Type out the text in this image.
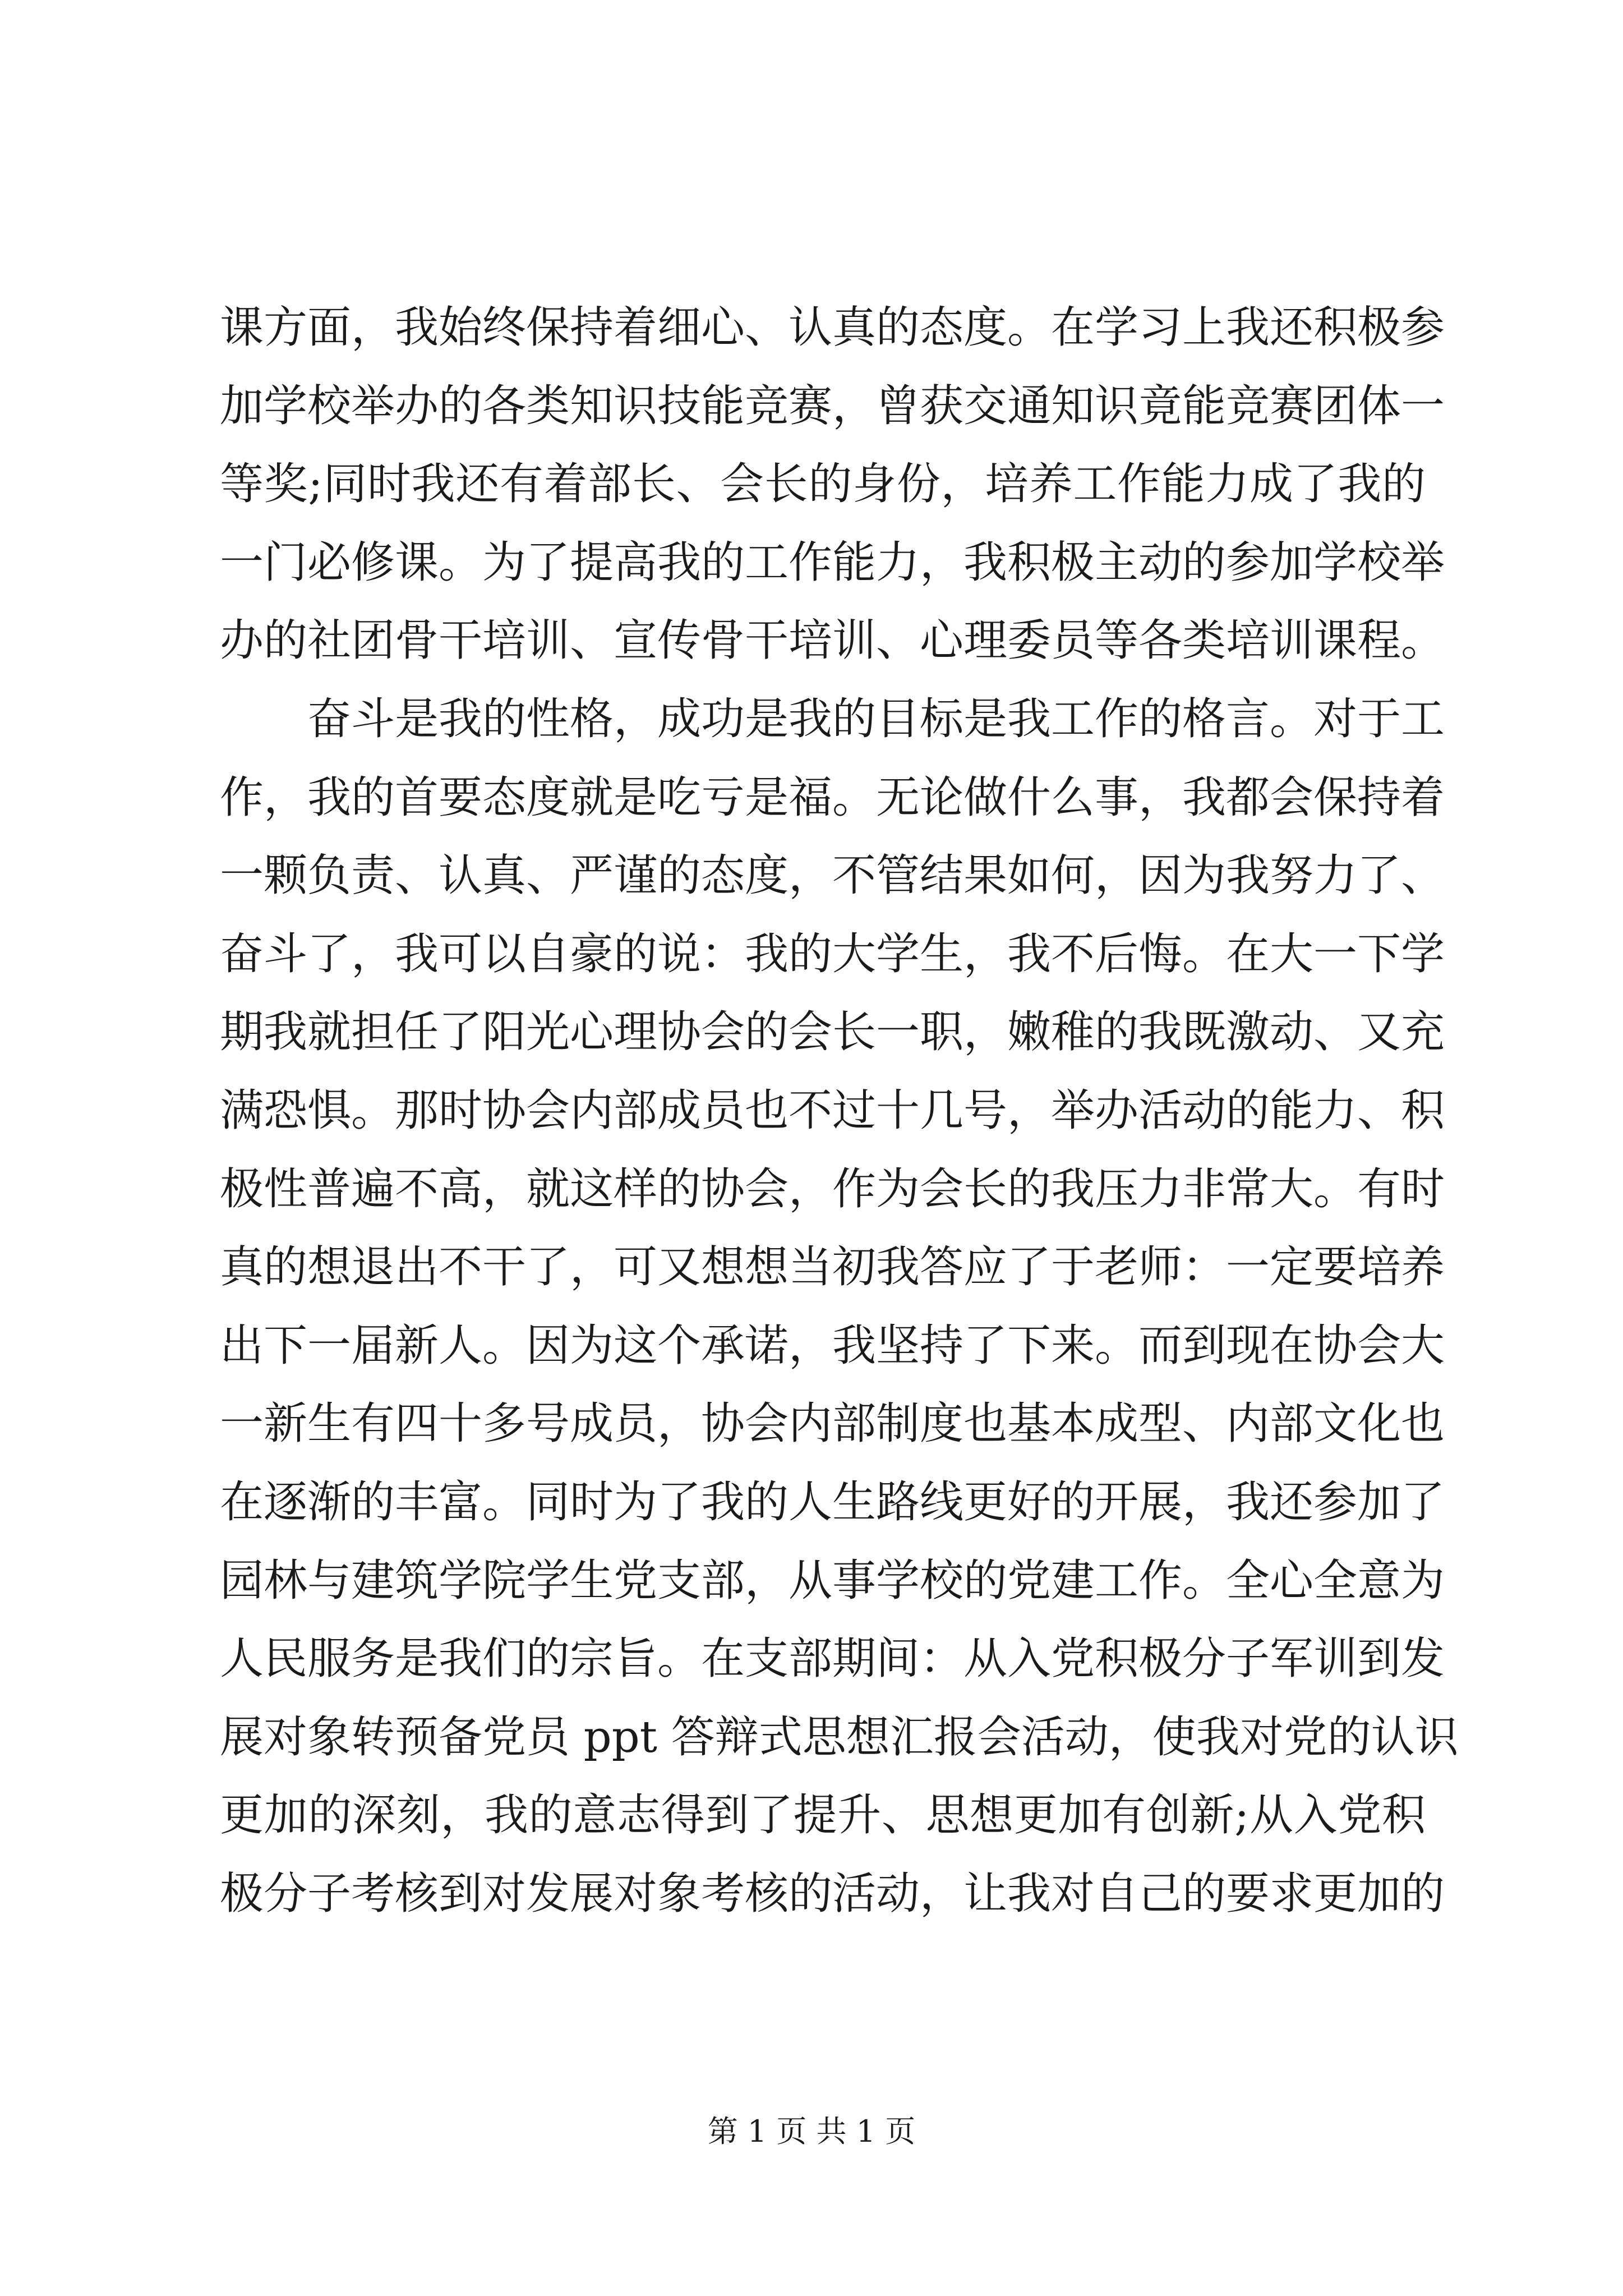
课方面，我始终保持着细心、认真的态度。在学习上我还积极参
加学校举办的各类知识技能竞赛，曾获交通知识竟能竞赛团体一
等奖;同时我还有着部长、会长的身份，培养工作能力成了我的
一门必修课。为了提高我的工作能力，我积极主动的参加学校举
办的社团骨干培训、宣传骨干培训、心理委员等各类培训课程。
奋斗是我的性格，成功是我的目标是我工作的格言。对于工
作，我的首要态度就是吃亏是福。无论做什么事，我都会保持着
一颗负责、认真、严谨的态度，不管结果如何，因为我努力了、
奋斗了，我可以自豪的说：我的大学生，我不后悔。在大一下学
期我就担任了阳光心理协会的会长一职，嫩稚的我既激动、又充
满恐惧。那时协会内部成员也不过十几号，举办活动的能力、积
极性普遍不高，就这样的协会，作为会长的我压力非常大。有时
真的想退出不干了，可又想想当初我答应了于老师：一定要培养
出下一届新人。因为这个承诺，我坚持了下来。而到现在协会大
一新生有四十多号成员，协会内部制度也基本成型、内部文化也
在逐渐的丰富。同时为了我的人生路线更好的开展，我还参加了
园林与建筑学院学生党支部，从事学校的党建工作。全心全意为
人民服务是我们的宗旨。在支部期间：从入党积极分子军训到发
展对象转预备党员 ppt 答辩式思想汇报会活动，使我对党的认识
更加的深刻，我的意志得到了提升、思想更加有创新;从入党积
极分子考核到对发展对象考核的活动，让我对自己的要求更加的
第 1 页 共 1 页
